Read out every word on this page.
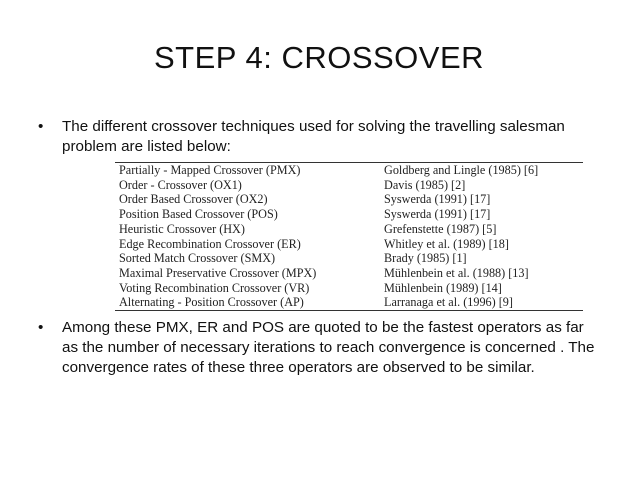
STEP 4: CROSSOVER
•	The different crossover techniques used for solving the travelling salesman problem are listed below:
Partially - Mapped Crossover (PMX)	Goldberg and Lingle (1985) [6]
Order - Crossover (OX1)	Davis (1985) [2]
Order Based Crossover (OX2)	Syswerda (1991) [17]
Position Based Crossover (POS)	Syswerda (1991) [17]
Heuristic Crossover (HX)	Grefenstette (1987) [5]
Edge Recombination Crossover (ER)	Whitley et al. (1989) [18]
Sorted Match Crossover (SMX)	Brady (1985) [1]
Maximal Preservative Crossover (MPX)	Mühlenbein et al. (1988) [13]
Voting Recombination Crossover (VR)	Mühlenbein (1989) [14]
Alternating - Position Crossover (AP)	Larranaga et al. (1996) [9]
•	Among these PMX, ER and POS are quoted to be the fastest operators as far as the number of necessary iterations to reach convergence is concerned . The convergence rates of these three operators are observed to be similar.
